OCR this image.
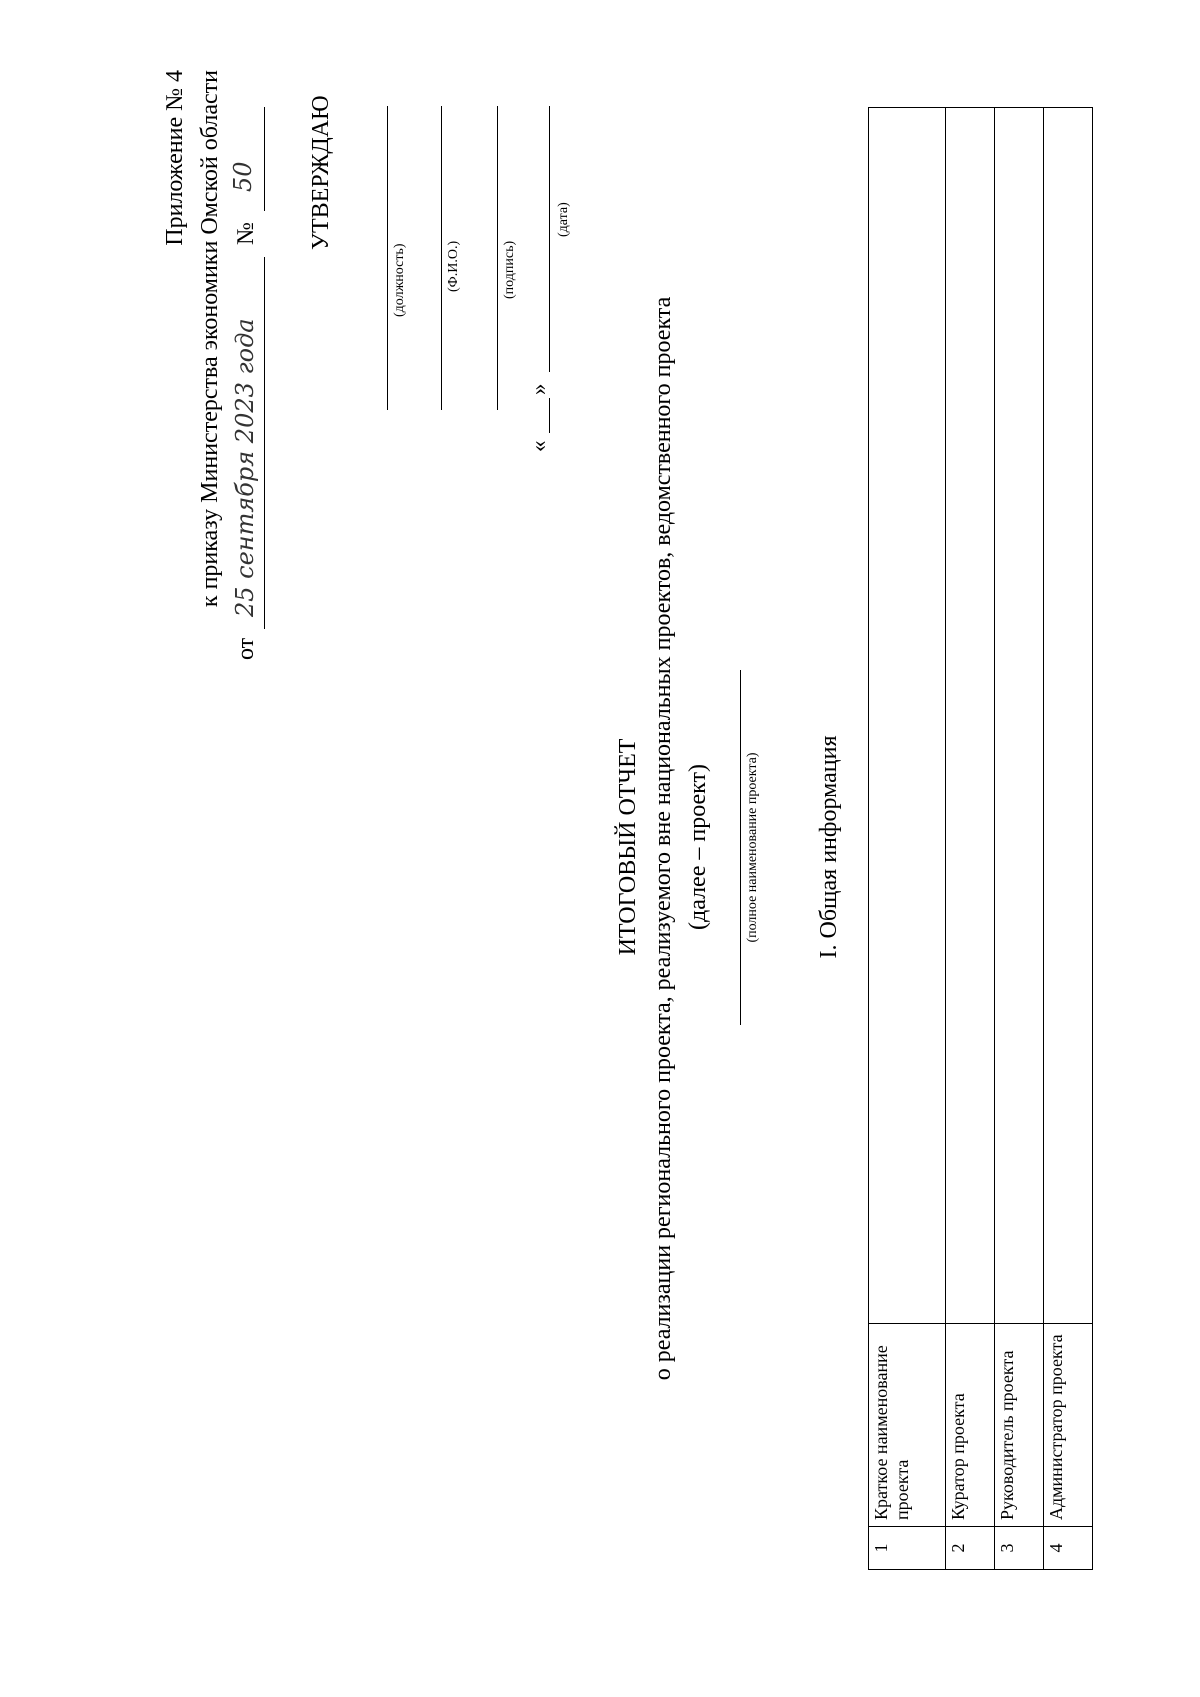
Приложение № 4 к приказу Министерства экономики Омской области
от
25 сентября 2023 года
№
50 УТВЕРЖДАЮ
(должность)	(Ф.И.О.)	(подпись)
«
»
(дата)
ИТОГОВЫЙ ОТЧЕТ о реализации регионального проекта, реализуемого вне национальных проектов, ведомственного проекта (далее – проект) (полное наименование проекта) I. Общая информация
1	Краткое наименование проекта	
2	Куратор проекта	
3	Руководитель проекта	
4	Администратор проекта	
